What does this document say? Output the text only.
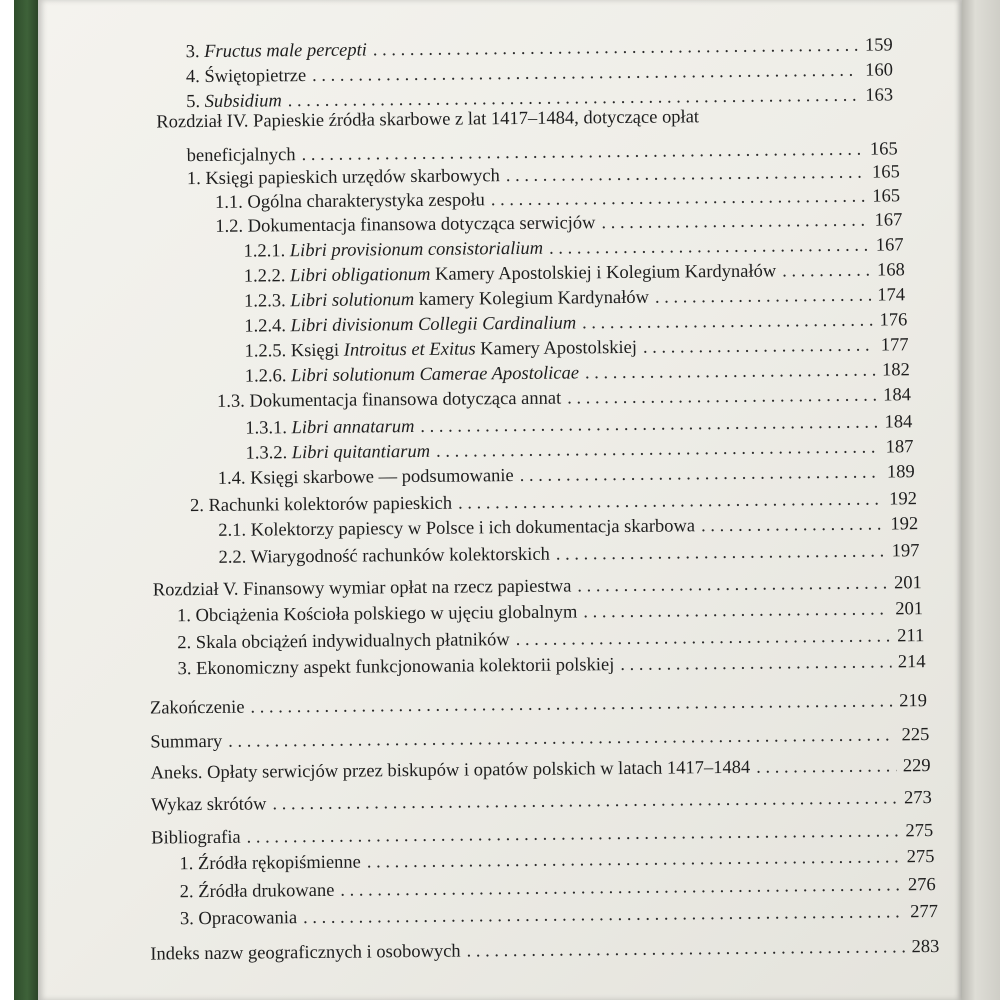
3. Fructus male percepti . . .	159
4. Świętopietrze . . .	160
5. Subsidium . . .	163
Rozdział IV. Papieskie źródła skarbowe z lat 1417–1484, dotyczące opłat
beneficjalnych . . .	165
1. Księgi papieskich urzędów skarbowych . . .	165
1.1. Ogólna charakterystyka zespołu . . .	165
1.2. Dokumentacja finansowa dotycząca serwicjów . . .	167
1.2.1. Libri provisionum consistorialium . . .	167
1.2.2. Libri obligationum Kamery Apostolskiej i Kolegium Kardynałów . . .	168
1.2.3. Libri solutionum kamery Kolegium Kardynałów . . .	174
1.2.4. Libri divisionum Collegii Cardinalium . . .	176
1.2.5. Księgi Introitus et Exitus Kamery Apostolskiej . . .	177
1.2.6. Libri solutionum Camerae Apostolicae . . .	182
1.3. Dokumentacja finansowa dotycząca annat . . .	184
1.3.1. Libri annatarum . . .	184
1.3.2. Libri quitantiarum . . .	187
1.4. Księgi skarbowe — podsumowanie . . .	189
2. Rachunki kolektorów papieskich . . .	192
2.1. Kolektorzy papiescy w Polsce i ich dokumentacja skarbowa . . .	192
2.2. Wiarygodność rachunków kolektorskich . . .	197
Rozdział V. Finansowy wymiar opłat na rzecz papiestwa . . .	201
1. Obciążenia Kościoła polskiego w ujęciu globalnym . . .	201
2. Skala obciążeń indywidualnych płatników . . .	211
3. Ekonomiczny aspekt funkcjonowania kolektorii polskiej . . .	214
Zakończenie . . .	219
Summary . . .	225
Aneks. Opłaty serwicjów przez biskupów i opatów polskich w latach 1417–1484 . . .	229
Wykaz skrótów . . .	273
Bibliografia . . .	275
1. Źródła rękopiśmienne . . .	275
2. Źródła drukowane . . .	276
3. Opracowania . . .	277
Indeks nazw geograficznych i osobowych . . .	283
